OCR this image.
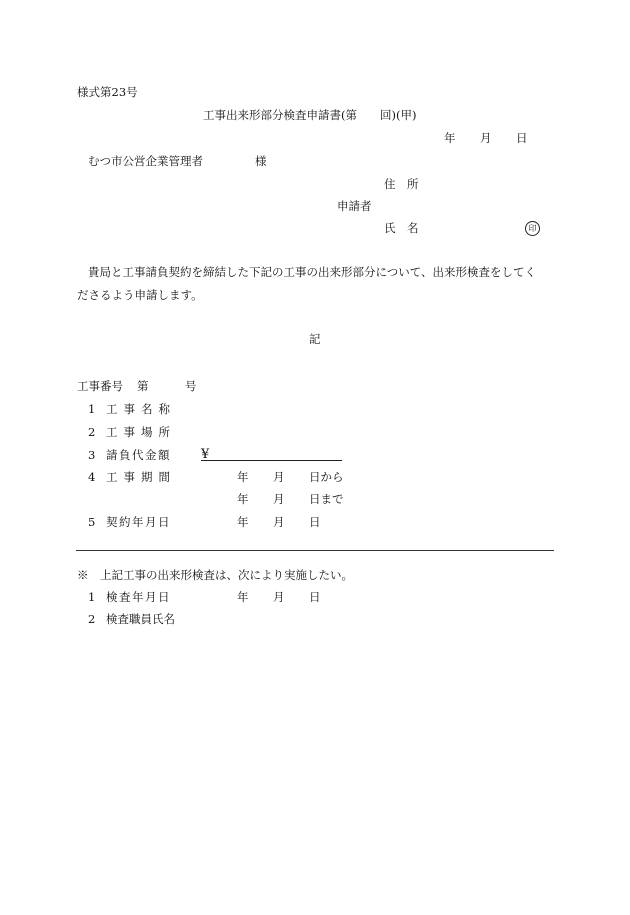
様式第23号
工事出来形部分検査申請書(第　　回)(甲)
年 月 日
むつ市公営企業管理者	様
住　所
申請者
氏　名	印
貴局と工事請負契約を締結した下記の工事の出来形部分について、出来形検査をしてく
ださるよう申請します。
記
工事番号 第	号
1 工事名称
2 工事場所
3 請負代金額 ¥
4 工事期間	年 月 日から
年 月 日まで
5 契約年月日	年 月 日
※　上記工事の出来形検査は、次により実施したい。
1 検査年月日	年 月 日
2 検査職員氏名
